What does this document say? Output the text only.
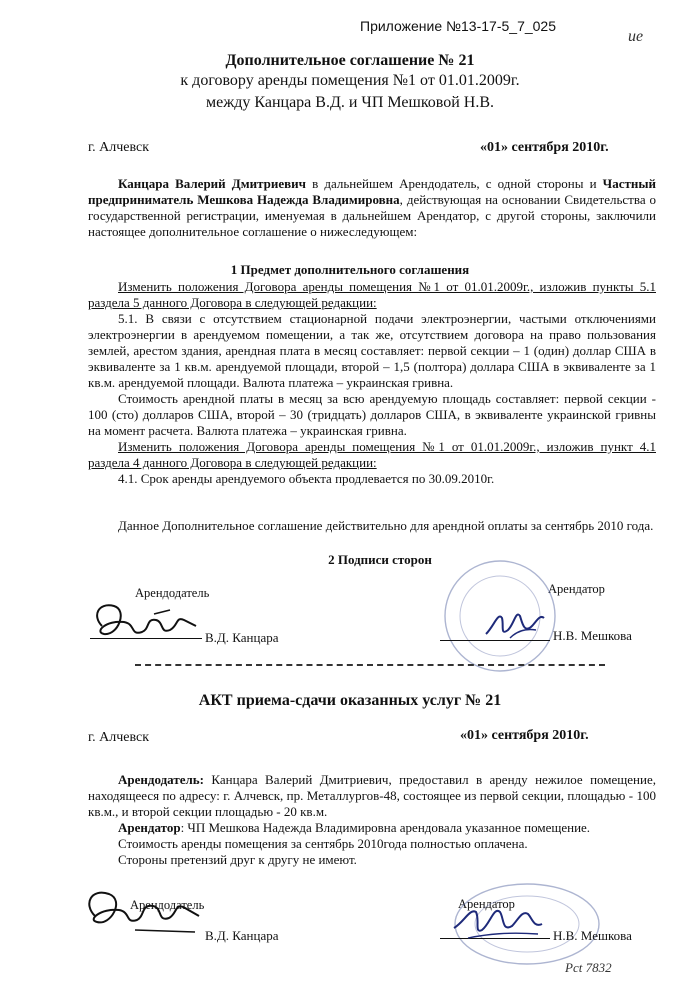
Приложение №13-17-5_7_025
ue
Дополнительное соглашение № 21
к договору аренды помещения №1 от 01.01.2009г.
между Канцара В.Д. и ЧП Мешковой Н.В.
г. Алчевск	«01» сентября 2010г.

Канцара Валерий Дмитриевич в дальнейшем Арендодатель, с одной стороны и Частный предприниматель Мешкова Надежда Владимировна, действующая на основании Свидетельства о государственной регистрации, именуемая в дальнейшем Арендатор, с другой стороны, заключили настоящее дополнительное соглашение о нижеследующем:

1 Предмет дополнительного соглашения

Изменить положения Договора аренды помещения №1 от 01.01.2009г., изложив пункты 5.1 раздела 5 данного Договора в следующей редакции:

5.1. В связи с отсутствием стационарной подачи электроэнергии, частыми отключениями электроэнергии в арендуемом помещении, а так же, отсутствием договора на право пользования землей, арестом здания, арендная плата в месяц составляет: первой секции – 1 (один) доллар США в эквиваленте за 1 кв.м. арендуемой площади, второй – 1,5 (полтора) доллара США в эквиваленте за 1 кв.м. арендуемой площади. Валюта платежа – украинская гривна.

Стоимость арендной платы в месяц за всю арендуемую площадь составляет: первой секции - 100 (сто) долларов США, второй – 30 (тридцать) долларов США, в эквиваленте украинской гривны на момент расчета. Валюта платежа – украинская гривна.

Изменить положения Договора аренды помещения №1 от 01.01.2009г., изложив пункт 4.1 раздела 4 данного Договора в следующей редакции:

4.1. Срок аренды арендуемого объекта продлевается по 30.09.2010г.

Данное Дополнительное соглашение действительно для арендной оплаты за сентябрь 2010 года.

2 Подписи сторон
Арендодатель	Арендатор
В.Д. Канцара	Н.В. Мешкова
АКТ приема-сдачи оказанных услуг № 21
г. Алчевск	«01» сентября 2010г.

Арендодатель: Канцара Валерий Дмитриевич, предоставил в аренду нежилое помещение, находящееся по адресу: г. Алчевск, пр. Металлургов-48, состоящее из первой секции, площадью - 100 кв.м., и второй секции площадью - 20 кв.м.

Арендатор: ЧП Мешкова Надежда Владимировна арендовала указанное помещение.

Стоимость аренды помещения за сентябрь 2010года полностью оплачена.

Стороны претензий друг к другу не имеют.

Арендодатель	Арендатор
В.Д. Канцара	Н.В. Мешкова
Pct 7832
